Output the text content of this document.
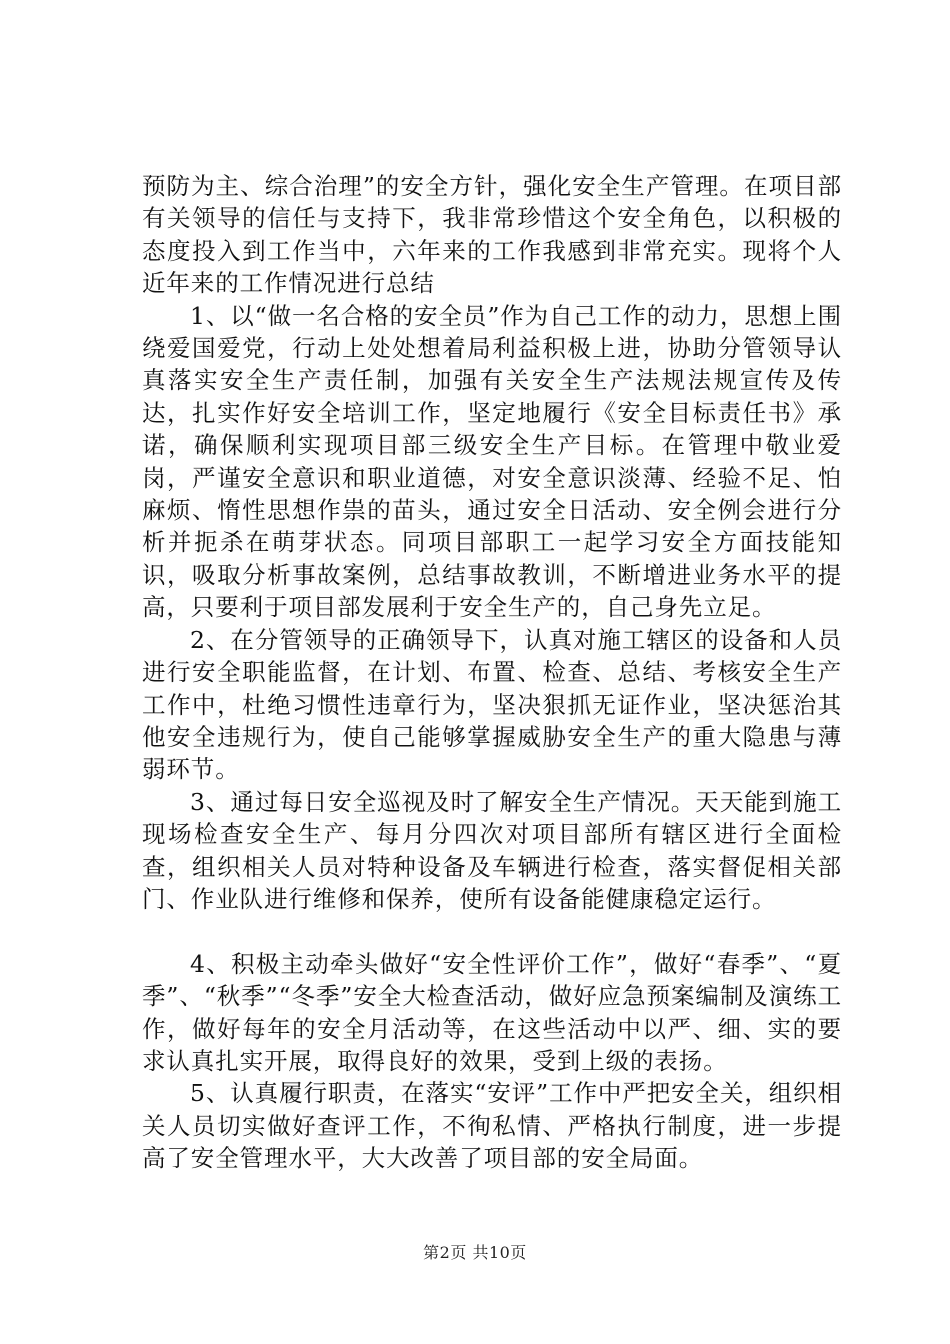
预防为主、综合治理”的安全方针，强化安全生产管理。在项目部有关领导的信任与支持下，我非常珍惜这个安全角色，以积极的态度投入到工作当中，六年来的工作我感到非常充实。现将个人近年来的工作情况进行总结

1、以“做一名合格的安全员”作为自己工作的动力，思想上围绕爱国爱党，行动上处处想着局利益积极上进，协助分管领导认真落实安全生产责任制，加强有关安全生产法规法规宣传及传达，扎实作好安全培训工作，坚定地履行《安全目标责任书》承诺，确保顺利实现项目部三级安全生产目标。在管理中敬业爱岗，严谨安全意识和职业道德，对安全意识淡薄、经验不足、怕麻烦、惰性思想作祟的苗头，通过安全日活动、安全例会进行分析并扼杀在萌芽状态。同项目部职工一起学习安全方面技能知识，吸取分析事故案例，总结事故教训，不断增进业务水平的提高，只要利于项目部发展利于安全生产的，自己身先立足。

2、在分管领导的正确领导下，认真对施工辖区的设备和人员进行安全职能监督，在计划、布置、检查、总结、考核安全生产工作中，杜绝习惯性违章行为，坚决狠抓无证作业，坚决惩治其他安全违规行为，使自己能够掌握威胁安全生产的重大隐患与薄弱环节。

3、通过每日安全巡视及时了解安全生产情况。天天能到施工现场检查安全生产、每月分四次对项目部所有辖区进行全面检查，组织相关人员对特种设备及车辆进行检查，落实督促相关部门、作业队进行维修和保养，使所有设备能健康稳定运行。

4、积极主动牵头做好“安全性评价工作”，做好“春季”、“夏季”、“秋季”“冬季”安全大检查活动，做好应急预案编制及演练工作，做好每年的安全月活动等，在这些活动中以严、细、实的要求认真扎实开展，取得良好的效果，受到上级的表扬。

5、认真履行职责，在落实“安评”工作中严把安全关，组织相关人员切实做好查评工作，不徇私情、严格执行制度，进一步提高了安全管理水平，大大改善了项目部的安全局面。

第2页 共10页
